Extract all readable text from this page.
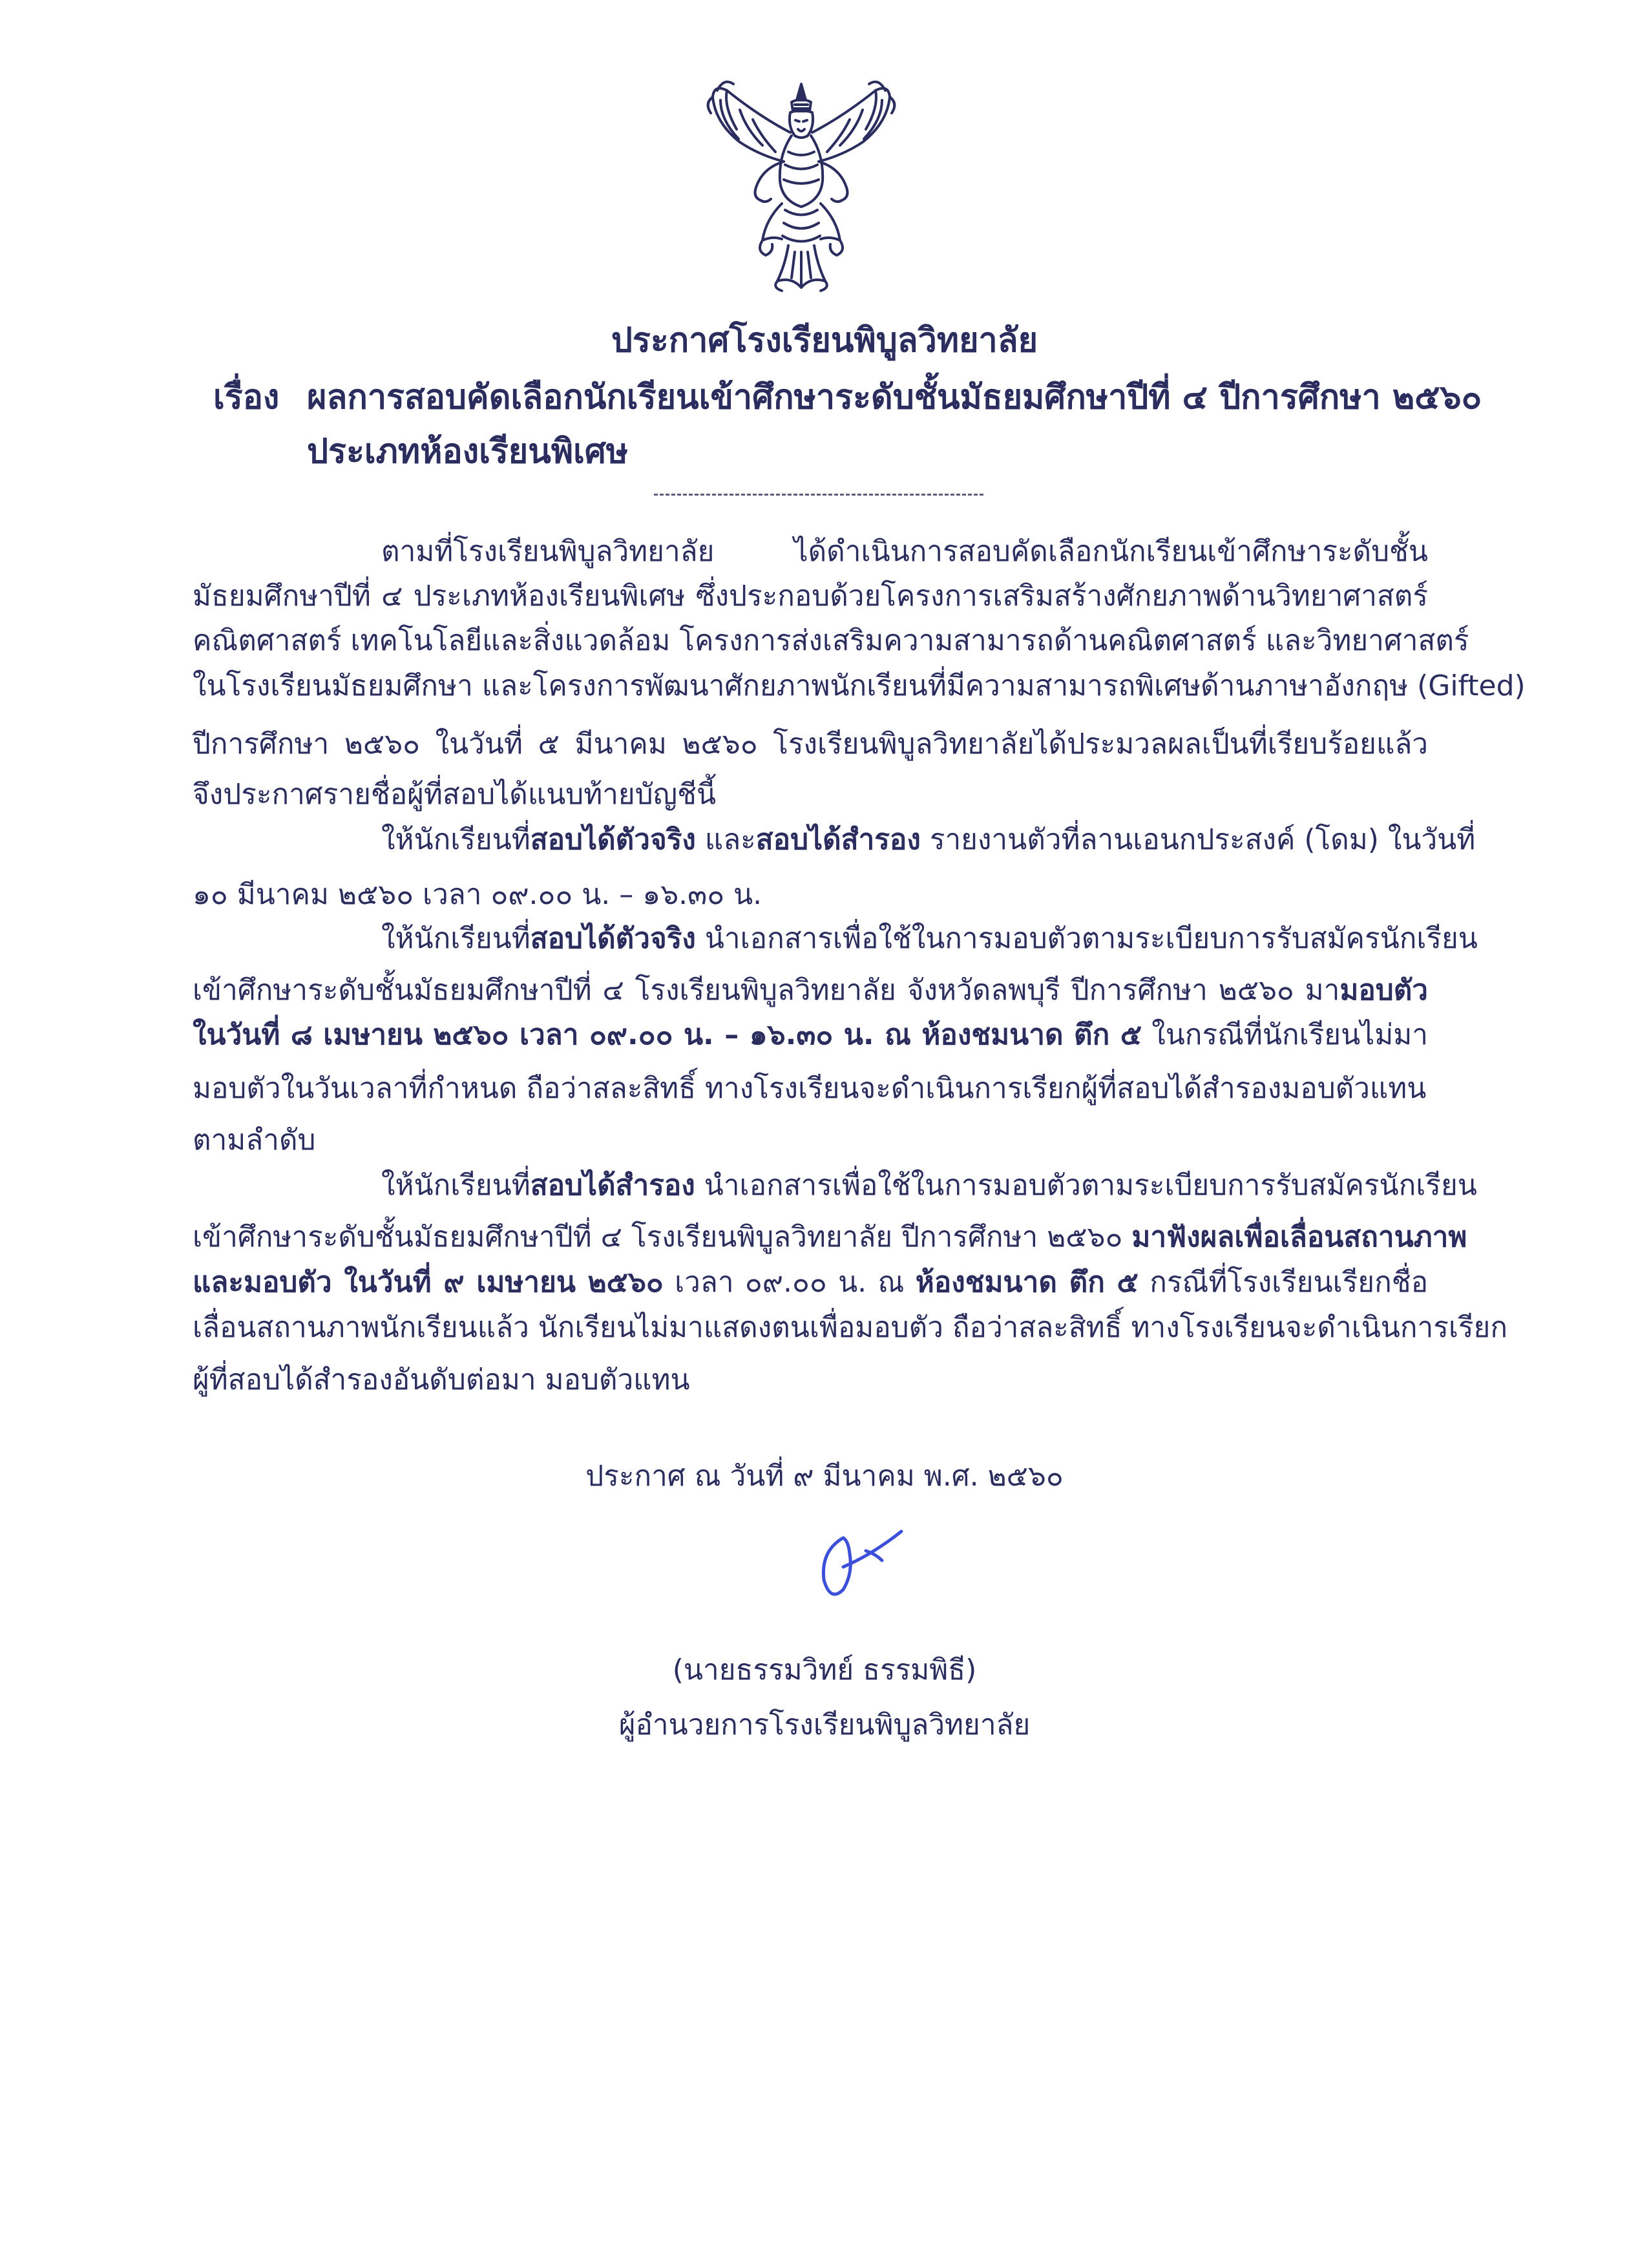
ประกาศโรงเรียนพิบูลวิทยาลัย
เรื่อง ผลการสอบคัดเลือกนักเรียนเข้าศึกษาระดับชั้นมัธยมศึกษาปีที่ ๔ ปีการศึกษา ๒๕๖๐
ประเภทห้องเรียนพิเศษ
ตามที่โรงเรียนพิบูลวิทยาลัย ได้ดำเนินการสอบคัดเลือกนักเรียนเข้าศึกษาระดับชั้น
มัธยมศึกษาปีที่ ๔ ประเภทห้องเรียนพิเศษ ซึ่งประกอบด้วยโครงการเสริมสร้างศักยภาพด้านวิทยาศาสตร์
คณิตศาสตร์ เทคโนโลยีและสิ่งแวดล้อม โครงการส่งเสริมความสามารถด้านคณิตศาสตร์ และวิทยาศาสตร์
ในโรงเรียนมัธยมศึกษา และโครงการพัฒนาศักยภาพนักเรียนที่มีความสามารถพิเศษด้านภาษาอังกฤษ (Gifted)
ปีการศึกษา ๒๕๖๐ ในวันที่ ๕ มีนาคม ๒๕๖๐ โรงเรียนพิบูลวิทยาลัยได้ประมวลผลเป็นที่เรียบร้อยแล้ว
จึงประกาศรายชื่อผู้ที่สอบได้แนบท้ายบัญชีนี้
ให้นักเรียนที่สอบได้ตัวจริง และสอบได้สำรอง รายงานตัวที่ลานเอนกประสงค์ (โดม) ในวันที่
๑๐ มีนาคม ๒๕๖๐ เวลา ๐๙.๐๐ น. – ๑๖.๓๐ น.
ให้นักเรียนที่สอบได้ตัวจริง นำเอกสารเพื่อใช้ในการมอบตัวตามระเบียบการรับสมัครนักเรียน
เข้าศึกษาระดับชั้นมัธยมศึกษาปีที่ ๔ โรงเรียนพิบูลวิทยาลัย จังหวัดลพบุรี ปีการศึกษา ๒๕๖๐ มามอบตัว
ในวันที่ ๘ เมษายน ๒๕๖๐ เวลา ๐๙.๐๐ น. – ๑๖.๓๐ น. ณ ห้องชมนาด ตึก ๕ ในกรณีที่นักเรียนไม่มา
มอบตัวในวันเวลาที่กำหนด ถือว่าสละสิทธิ์ ทางโรงเรียนจะดำเนินการเรียกผู้ที่สอบได้สำรองมอบตัวแทน
ตามลำดับ
ให้นักเรียนที่สอบได้สำรอง นำเอกสารเพื่อใช้ในการมอบตัวตามระเบียบการรับสมัครนักเรียน
เข้าศึกษาระดับชั้นมัธยมศึกษาปีที่ ๔ โรงเรียนพิบูลวิทยาลัย ปีการศึกษา ๒๕๖๐ มาฟังผลเพื่อเลื่อนสถานภาพ
และมอบตัว ในวันที่ ๙ เมษายน ๒๕๖๐ เวลา ๐๙.๐๐ น. ณ ห้องชมนาด ตึก ๕ กรณีที่โรงเรียนเรียกชื่อ
เลื่อนสถานภาพนักเรียนแล้ว นักเรียนไม่มาแสดงตนเพื่อมอบตัว ถือว่าสละสิทธิ์ ทางโรงเรียนจะดำเนินการเรียก
ผู้ที่สอบได้สำรองอันดับต่อมา มอบตัวแทน
ประกาศ ณ วันที่ ๙ มีนาคม พ.ศ. ๒๕๖๐
(นายธรรมวิทย์ ธรรมพิธี)
ผู้อำนวยการโรงเรียนพิบูลวิทยาลัย
